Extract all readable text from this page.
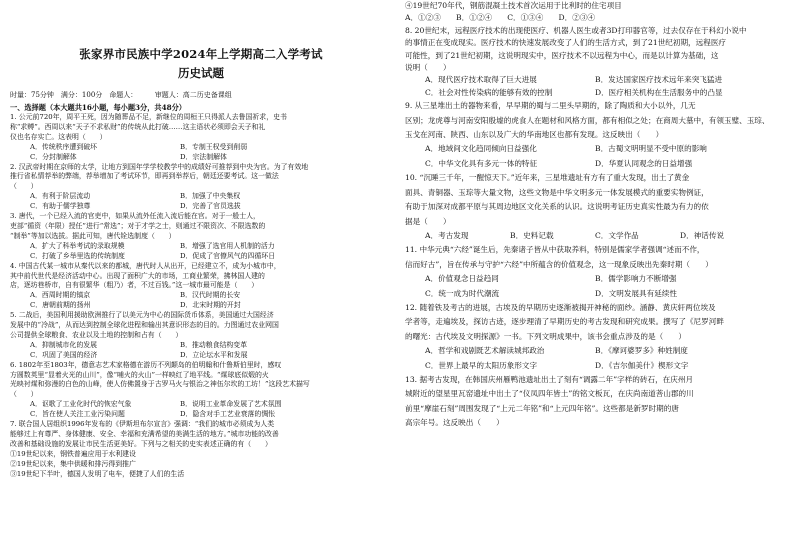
张家界市民族中学2024年上学期高二入学考试
历史试题
时量：75分钟　满分：100分　命题人：　　　审题人：高二历史备课组
一、选择题（本大题共16小题，每小题3分，共48分）
1. 公元前720年，周平王死，因为随葬品不足，新继位的周桓王只得派人去鲁国祈求，史书
称“求赙”。西周以来“天子不求私财”的传统从此打破……这主语状必须即会天子和礼
仪也名存实亡。这表明（　　）
A．传统秩序遭到破坏	B．专制王权受到削弱
C．分封制解体	D．宗法制解体
2. 汉武帝时期在京师的太学，让地方到国年学学校教学中的成绩好可推荐到中央为官。为了有效地
推行省私情荐举的弊端，荐举增加了考试环节，即再到举荐后，朝廷还要考试。这一做法
（　　）
A．有利于阶层流动	B．加强了中央集权
C．有助于儒学独尊	D．完善了官员选拔
3. 唐代，一个已经入流的官吏中，如果从流外任流入流后能在官。对于一般士人，
吏部“循资（年限）授任”进行“常选”；对于才学之士，则通过不限资次、不限选数的
“制举”等加以选拔。据此可知，唐代铨选制度（　　）
A．扩大了科举考试的录取规模	B．增强了选官用人机制的活力
C．打破了乡举里选的传统制度	D．促成了官僚风气的四循环日
4. 中国古代某一城市从秦代以来的都城，唐代时人从出开，已经建立不，成为小城市中，
其中前代世代是经济活动中心。出现了面积广大的市场，工商业繁荣，拂林国人建的
店，逐坊巷桥市，自有很繁华（粗乃）者，不过百钱。”这一城市最可能是（　　）
A．西周时期的镐京	B．汉代时期的长安
C．唐朝前期的扬州	D．北宋时期的开封
5. 二战后，美国利用援助欧洲推行了以美元为中心的国际货币体系，美国通过大国经济
发展中的“冷战”，从而达到控制全球化进程和输出其意识形态的目的。力图通过农业网国
公司提供全球粮食、农业以及土地的控制和占有（　　）
A．抑制城市化的发展	B．推动粮食结构变革
C．巩固了美国的经济	D．立论坛水平和发展
6. 1802年至1803年，德意志艺术家格德在游历不列颠岛的伯明翰和什鲁斯伯里时，感叹
方圆数英里“显着火光的山川”，像“哺火的火山”一样映红了地平线。“煤球底似煅的火
光映衬煤和弥漫的白色的山峰，使人仿佛置身于古罗马火与银治之神伍尔坎的工坊！”这段艺术描写
（　　）
A．讴歌了工业化时代的恢宏气象	B．说明工业革命发展了艺术氛围
C．旨在使人关注工业污染问题	D．隐含对手工艺业衰落的惆怅
7. 联合国人居组织1996年发布的《伊斯坦布尔宣言》强调：“我们的城市必须成为人类
能够过上有尊严、身体健康、安全、幸福和充满希望的美满生活的地方。”城市功能的改善
改善和基础设施的发展让市民生活更美好。下列与之相关的史实表述正确的有（　　）
①19世纪以来，钢铁普遍应用于水利建设
②19世纪以来，集中供暖和排污得到推广
③19世纪下半叶，德国人发明了电车，便捷了人们的生活
④19世纪70年代，钢筋混凝土技术首次运用于比利时的住宅项目
A．①②③　　B．①②④　　C．①③④　　D．②③④
8. 20世纪末，远程医疗技术的出现使医疗、机器人医生或者3D打印器官等，过去仅存在于科幻小说中
的事情正在变成现实。医疗技术的快速发展改变了人们的生活方式，到了21世纪初期，远程医疗
可能性，到了21世纪初期，这说明现实中，医疗技术不以远程为中心，而是以计算为基础，这
说明（　　）
A．现代医疗技术取得了巨大进展	B．发达国家医疗技术远年来突飞猛进
C．社会对性传染病的能够有效的控制	D．医疗相关机构在生活服务中的凸显
9. 从三星堆出土的器物来看，早早期的蜀与二里头早期的，除了陶质和大小以外，几无
区别；龙虎尊与河南安阳殷墟的虎食人在题材和风格方面，都有相似之处；在商周大墓中，有领玉璧、玉琮、
玉戈在河南、陕西、山东以及广大的华南地区也都有发现。这反映出（　　）
A．地域间文化趋同倾向日益强化	B．古蜀文明明显不受中原的影响
C．中华文化具有多元一体的特征	D．华夏认同观念的日益增强
10. “沉睡三千年，一醒惊天下。”近年来，三星堆遗址有方有了重大发现，出土了黄金
面具、青铜器、玉琮等大量文物，这些文物是中华文明多元一体发展模式的重要实物例证，
有助于加深对成都平原与其周边地区文化关系的认识。这说明考证历史真实性最为有力的依
据是（　　）
A．考古发现	B．史料记载	C．文学作品	D．神话传说
11. 中华元典“六经”诞生后，先秦诸子皆从中获取养料，特别是儒家学者强调“述而不作，
信而好古”，旨在传承与守护“六经”中所蕴含的价值观念，这一现象反映出先秦时期（　　）
A．价值观念日益趋同	B．儒学影响力不断增强
C．统一成为时代潮流	D．文明发展具有延续性
12. 随着铁及考古的进展，古埃及的早期历史逐渐被揭开神秘的面纱。涵静、黄庆轩两位埃及
学者等，走遍埃及，探访古迹，逐步理清了早期历史的考古发现和研究成果。撰写了《尼罗河畔
的曙光：古代埃及文明探源》一书。下列文明成果中，该书会重点涉及的是（　　）
A．哲学和戏剧既艺术解读城邦政治	B．《摩诃婆罗多》种姓制度
C．世界上最早的太阳历象形文字	D．《吉尔伽美什》楔形文字
13. 据考古发现，在韩国庆州雁鸭池遗址出土了刻有“调露二年”字样的砖石，在庆州月
城附近的望星里瓦窑遗址中出土了“仪凤四年皆土”的铭文板瓦，在庆尚南道菩山郡的川
前里“摩崖石刻”周围发现了“上元二年铭”和“上元四年铭”。这些都是新罗时期的唐
高宗年号。这反映出（　　）
